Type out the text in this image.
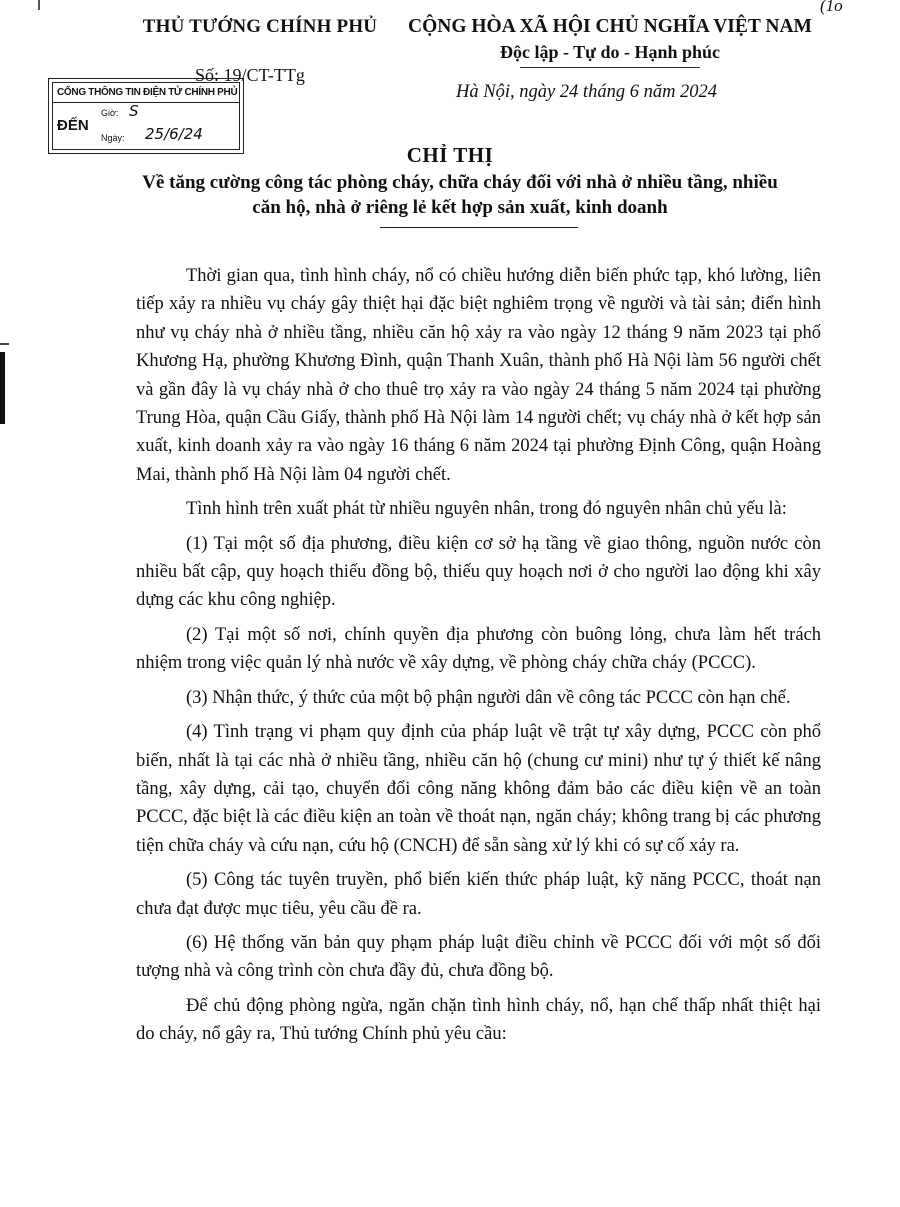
(1o
THỦ TƯỚNG CHÍNH PHỦ	CỘNG HÒA XÃ HỘI CHỦ NGHĨA VIỆT NAM
Độc lập - Tự do - Hạnh phúc
Số: 19/CT-TTg
Hà Nội, ngày 24 tháng 6 năm 2024
CỔNG THÔNG TIN ĐIỆN TỬ CHÍNH PHỦ
ĐẾN
Giờ: S
Ngày: 25/6/24
CHỈ THỊ
Về tăng cường công tác phòng cháy, chữa cháy đối với nhà ở nhiều tầng, nhiều căn hộ, nhà ở riêng lẻ kết hợp sản xuất, kinh doanh

Thời gian qua, tình hình cháy, nổ có chiều hướng diễn biến phức tạp, khó lường, liên tiếp xảy ra nhiều vụ cháy gây thiệt hại đặc biệt nghiêm trọng về người và tài sản; điển hình như vụ cháy nhà ở nhiều tầng, nhiều căn hộ xảy ra vào ngày 12 tháng 9 năm 2023 tại phố Khương Hạ, phường Khương Đình, quận Thanh Xuân, thành phố Hà Nội làm 56 người chết và gần đây là vụ cháy nhà ở cho thuê trọ xảy ra vào ngày 24 tháng 5 năm 2024 tại phường Trung Hòa, quận Cầu Giấy, thành phố Hà Nội làm 14 người chết; vụ cháy nhà ở kết hợp sản xuất, kinh doanh xảy ra vào ngày 16 tháng 6 năm 2024 tại phường Định Công, quận Hoàng Mai, thành phố Hà Nội làm 04 người chết.

Tình hình trên xuất phát từ nhiều nguyên nhân, trong đó nguyên nhân chủ yếu là:

(1) Tại một số địa phương, điều kiện cơ sở hạ tầng về giao thông, nguồn nước còn nhiều bất cập, quy hoạch thiếu đồng bộ, thiếu quy hoạch nơi ở cho người lao động khi xây dựng các khu công nghiệp.

(2) Tại một số nơi, chính quyền địa phương còn buông lỏng, chưa làm hết trách nhiệm trong việc quản lý nhà nước về xây dựng, về phòng cháy chữa cháy (PCCC).

(3) Nhận thức, ý thức của một bộ phận người dân về công tác PCCC còn hạn chế.

(4) Tình trạng vi phạm quy định của pháp luật về trật tự xây dựng, PCCC còn phổ biến, nhất là tại các nhà ở nhiều tầng, nhiều căn hộ (chung cư mini) như tự ý thiết kế nâng tầng, xây dựng, cải tạo, chuyển đổi công năng không đảm bảo các điều kiện về an toàn PCCC, đặc biệt là các điều kiện an toàn về thoát nạn, ngăn cháy; không trang bị các phương tiện chữa cháy và cứu nạn, cứu hộ (CNCH) để sẵn sàng xử lý khi có sự cố xảy ra.

(5) Công tác tuyên truyền, phổ biến kiến thức pháp luật, kỹ năng PCCC, thoát nạn chưa đạt được mục tiêu, yêu cầu đề ra.

(6) Hệ thống văn bản quy phạm pháp luật điều chỉnh về PCCC đối với một số đối tượng nhà và công trình còn chưa đầy đủ, chưa đồng bộ.

Để chủ động phòng ngừa, ngăn chặn tình hình cháy, nổ, hạn chế thấp nhất thiệt hại do cháy, nổ gây ra, Thủ tướng Chính phủ yêu cầu:
